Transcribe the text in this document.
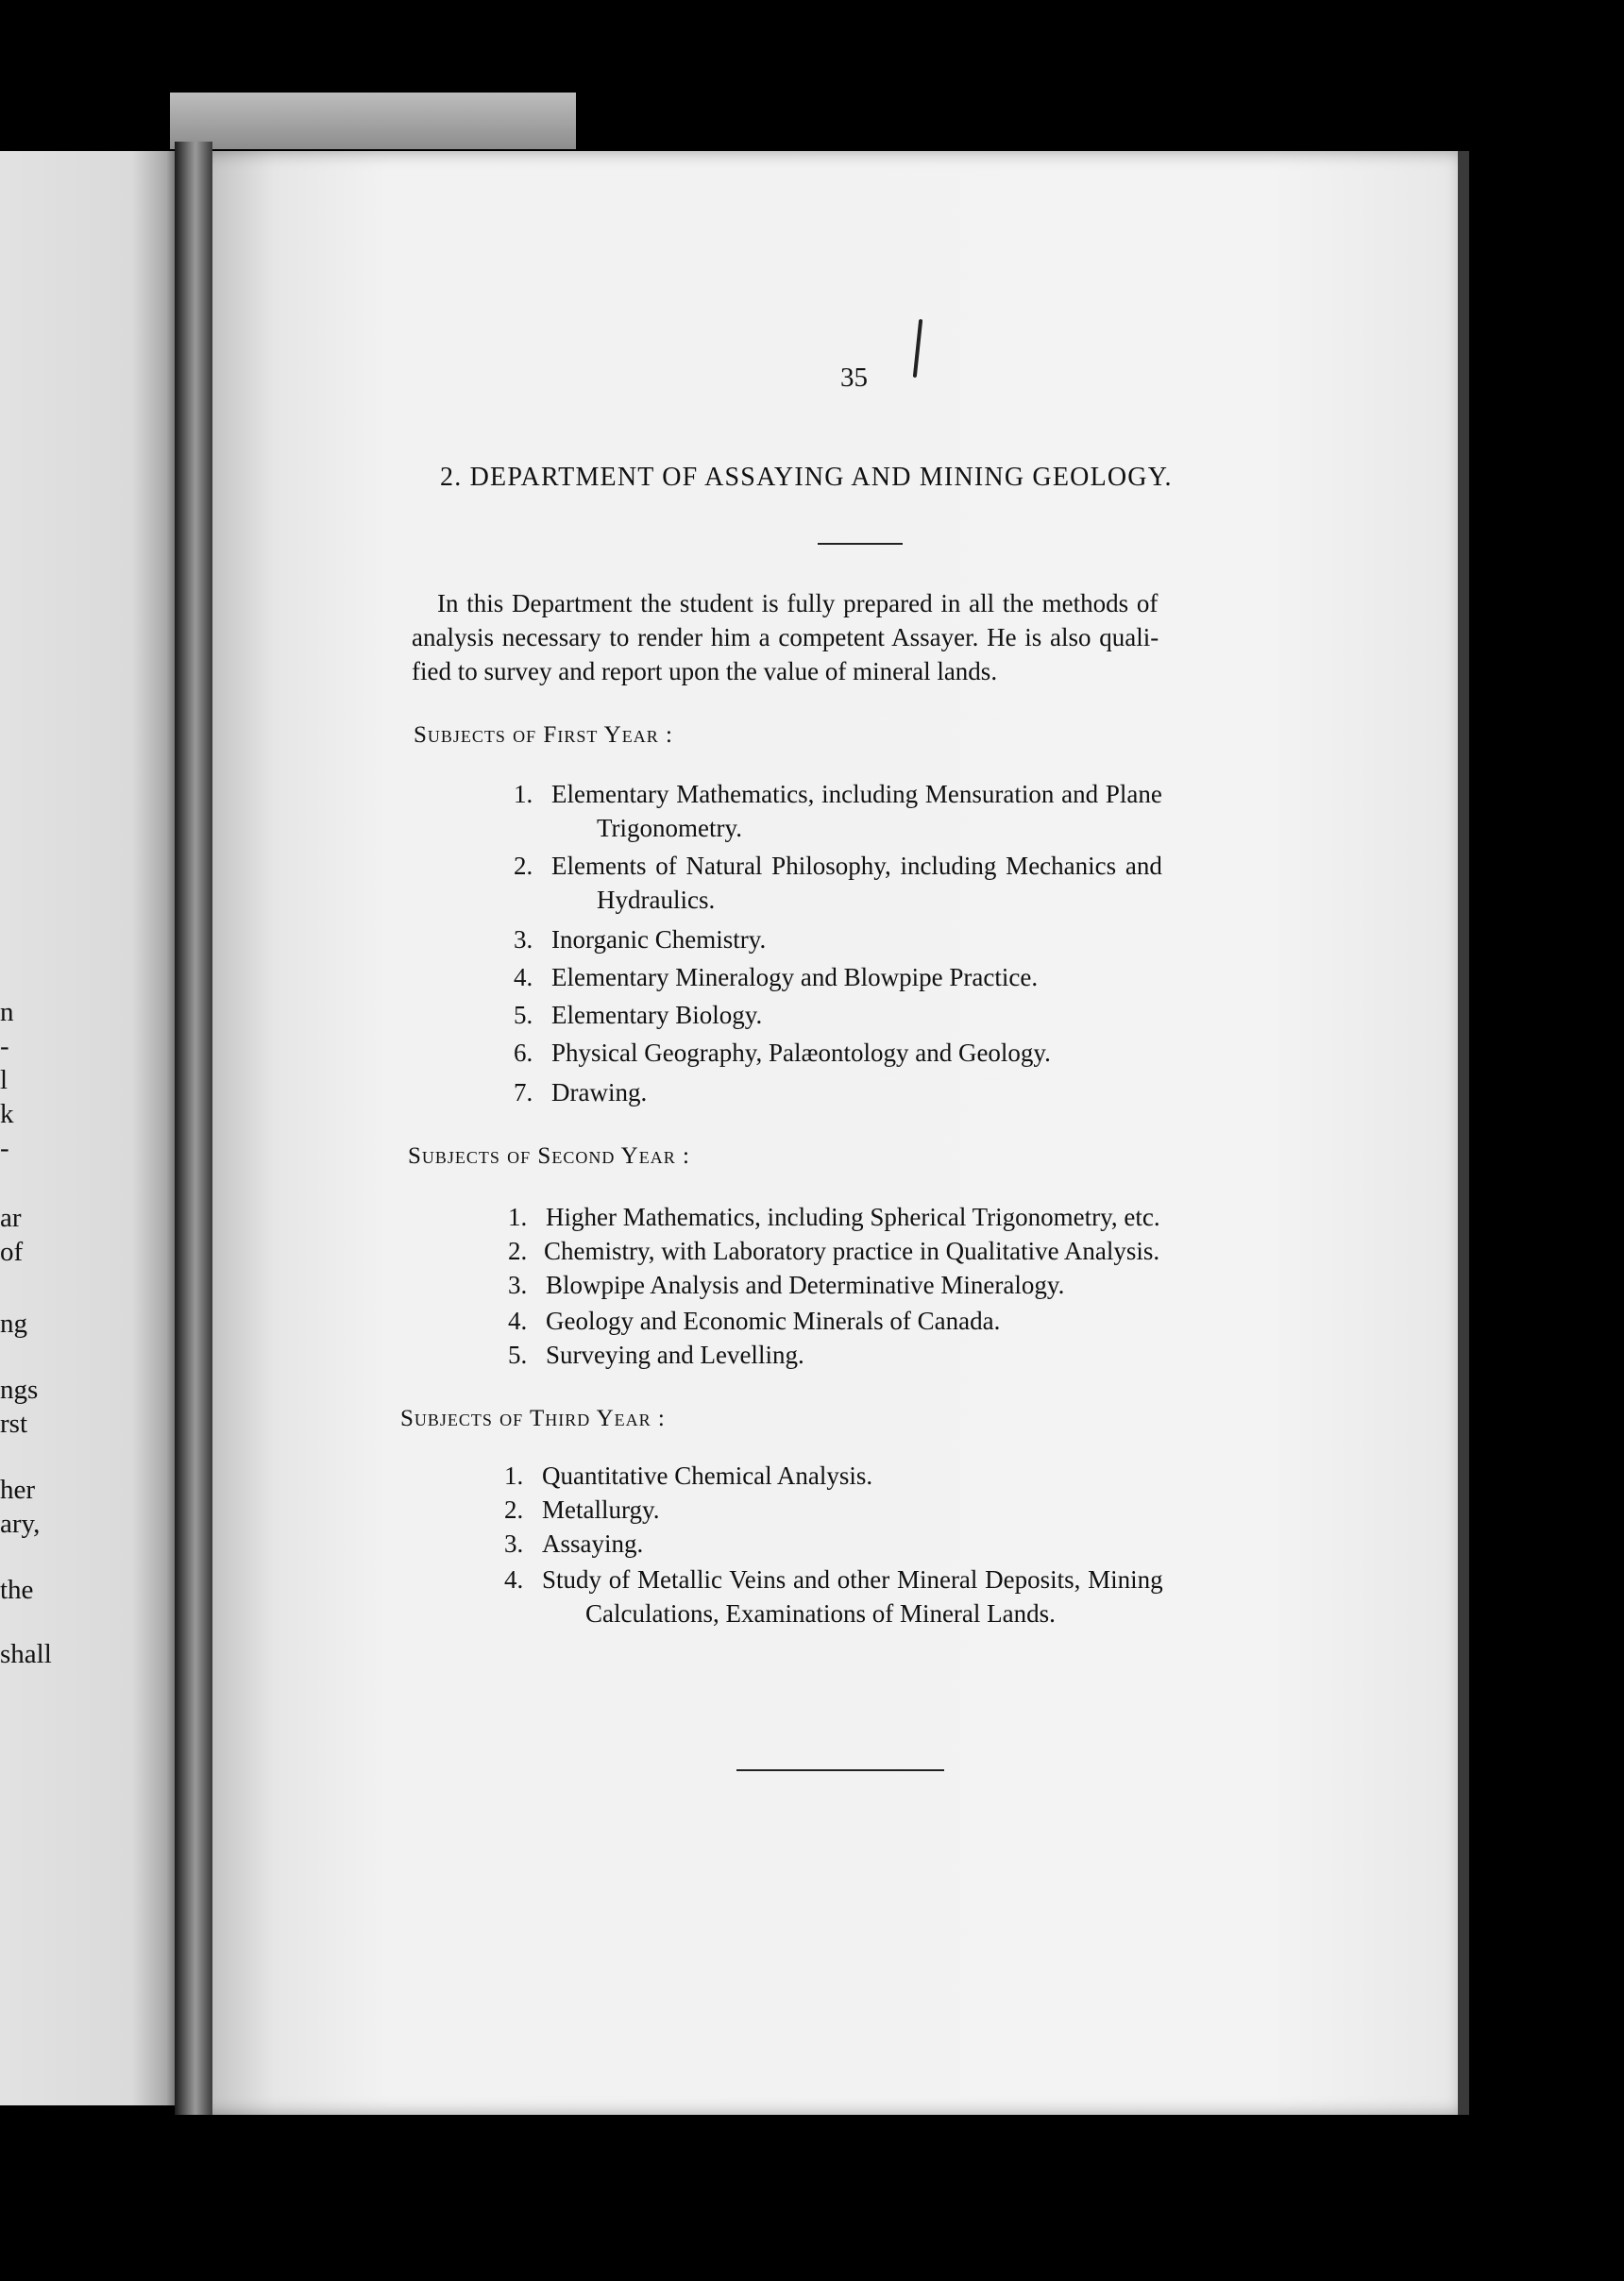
n
-
l
k
-
ar
of
ng
ngs
rst
her
ary,
the
shall
35
2. DEPARTMENT OF ASSAYING AND MINING GEOLOGY.
In this Department the student is fully prepared in all the methods of
analysis necessary to render him a competent Assayer. He is also quali-
fied to survey and report upon the value of mineral lands.
Subjects of First Year :
1. Elementary Mathematics, including Mensuration and Plane
Trigonometry.
2. Elements of Natural Philosophy, including Mechanics and
Hydraulics.
3. Inorganic Chemistry.
4. Elementary Mineralogy and Blowpipe Practice.
5. Elementary Biology.
6. Physical Geography, Palæontology and Geology.
7. Drawing.
Subjects of Second Year :
1. Higher Mathematics, including Spherical Trigonometry, etc.
2. Chemistry, with Laboratory practice in Qualitative Analysis.
3. Blowpipe Analysis and Determinative Mineralogy.
4. Geology and Economic Minerals of Canada.
5. Surveying and Levelling.
Subjects of Third Year :
1. Quantitative Chemical Analysis.
2. Metallurgy.
3. Assaying.
4. Study of Metallic Veins and other Mineral Deposits, Mining
Calculations, Examinations of Mineral Lands.
